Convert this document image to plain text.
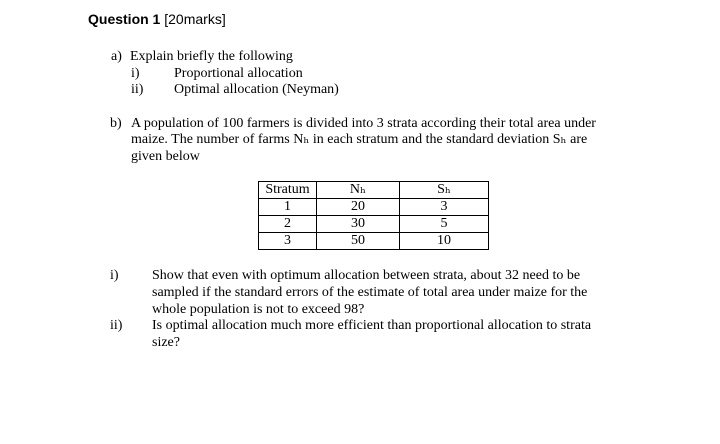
Question 1 [20marks]
a) Explain briefly the following
i) Proportional allocation
ii) Optimal allocation (Neyman)
b) A population of 100 farmers is divided into 3 strata according their total area under
maize. The number of farms Nₕ in each stratum and the standard deviation Sₕ are
given below
Stratum	Nₕ	Sₕ
1	20	3
2	30	5
3	50	10
i) Show that even with optimum allocation between strata, about 32 need to be
sampled if the standard errors of the estimate of total area under maize for the
whole population is not to exceed 98?
ii) Is optimal allocation much more efficient than proportional allocation to strata
size?
